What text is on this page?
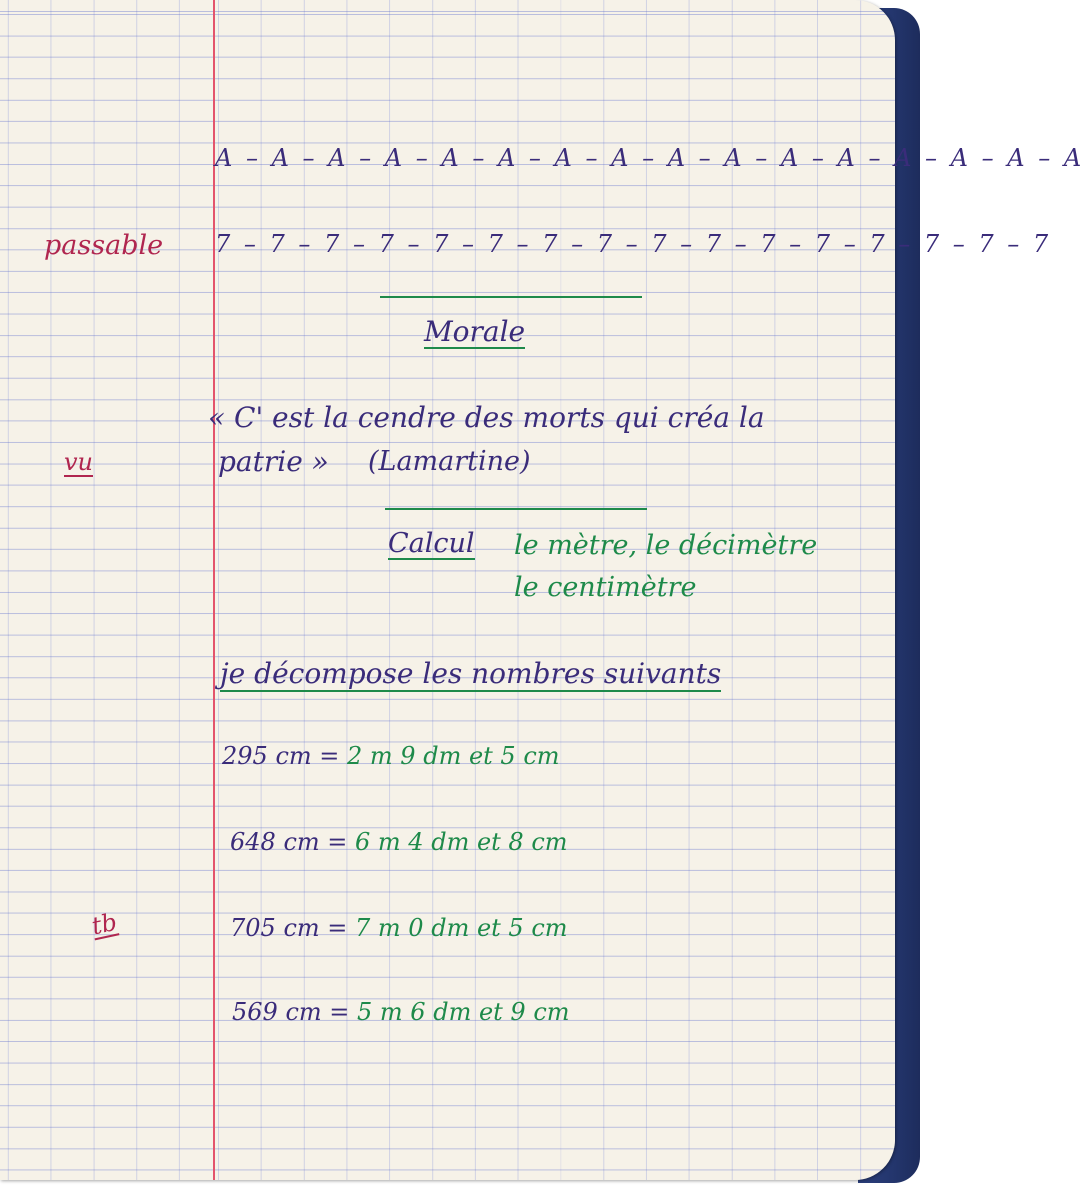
A – A – A – A – A – A – A – A – A – A – A – A – A – A – A – A
passable 7 – 7 – 7 – 7 – 7 – 7 – 7 – 7 – 7 – 7 – 7 – 7 – 7 – 7 – 7 – 7
Morale
« C' est la cendre des morts qui créa la
vu	patrie » (Lamartine)
Calcul le mètre, le décimètre
le centimètre
je décompose les nombres suivants
295 cm = 2 m 9 dm et 5 cm
648 cm = 6 m 4 dm et 8 cm
tb	705 cm = 7 m 0 dm et 5 cm
569 cm = 5 m 6 dm et 9 cm
